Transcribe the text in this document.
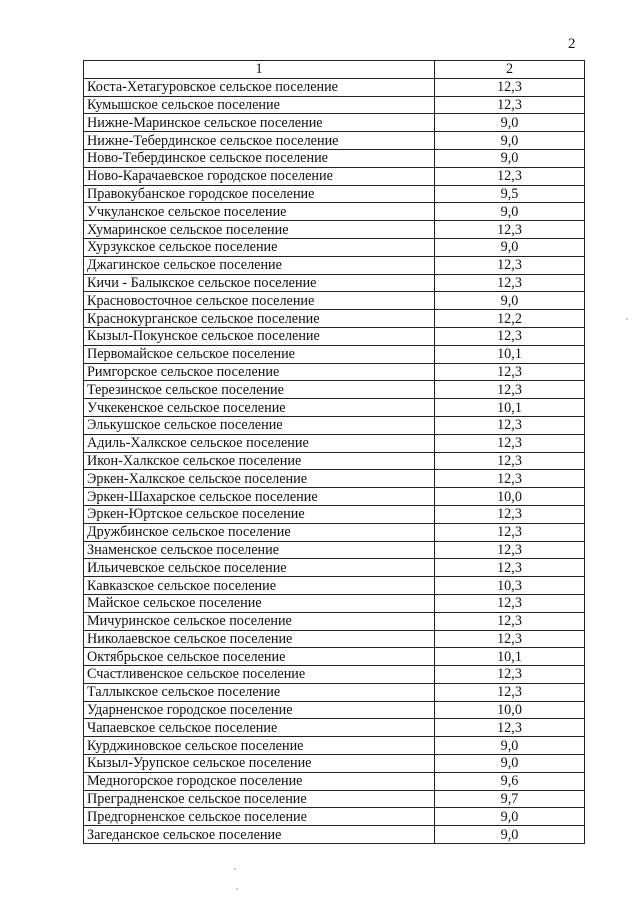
2
1	2
Коста-Хетагуровское сельское поселение	12,3
Кумышское сельское поселение	12,3
Нижне-Маринское сельское поселение	9,0
Нижне-Тебердинское сельское поселение	9,0
Ново-Тебердинское сельское поселение	9,0
Ново-Карачаевское городское поселение	12,3
Правокубанское городское поселение	9,5
Учкуланское сельское поселение	9,0
Хумаринское сельское поселение	12,3
Хурзукское сельское поселение	9,0
Джагинское сельское поселение	12,3
Кичи - Балыкское сельское поселение	12,3
Красновосточное сельское поселение	9,0
Краснокурганское сельское поселение	12,2
Кызыл-Покунское сельское поселение	12,3
Первомайское сельское поселение	10,1
Римгорское сельское поселение	12,3
Терезинское сельское поселение	12,3
Учкекенское сельское поселение	10,1
Элькушское сельское поселение	12,3
Адиль-Халкское сельское поселение	12,3
Икон-Халкское сельское поселение	12,3
Эркен-Халкское сельское поселение	12,3
Эркен-Шахарское сельское поселение	10,0
Эркен-Юртское сельское поселение	12,3
Дружбинское сельское поселение	12,3
Знаменское сельское поселение	12,3
Ильичевское сельское поселение	12,3
Кавказское сельское поселение	10,3
Майское сельское поселение	12,3
Мичуринское сельское поселение	12,3
Николаевское сельское поселение	12,3
Октябрьское сельское поселение	10,1
Счастливенское сельское поселение	12,3
Таллыкское сельское поселение	12,3
Ударненское городское поселение	10,0
Чапаевское сельское поселение	12,3
Курджиновское сельское поселение	9,0
Кызыл-Урупское сельское поселение	9,0
Медногорское городское поселение	9,6
Преградненское сельское поселение	9,7
Предгорненское сельское поселение	9,0
Загеданское сельское поселение	9,0
